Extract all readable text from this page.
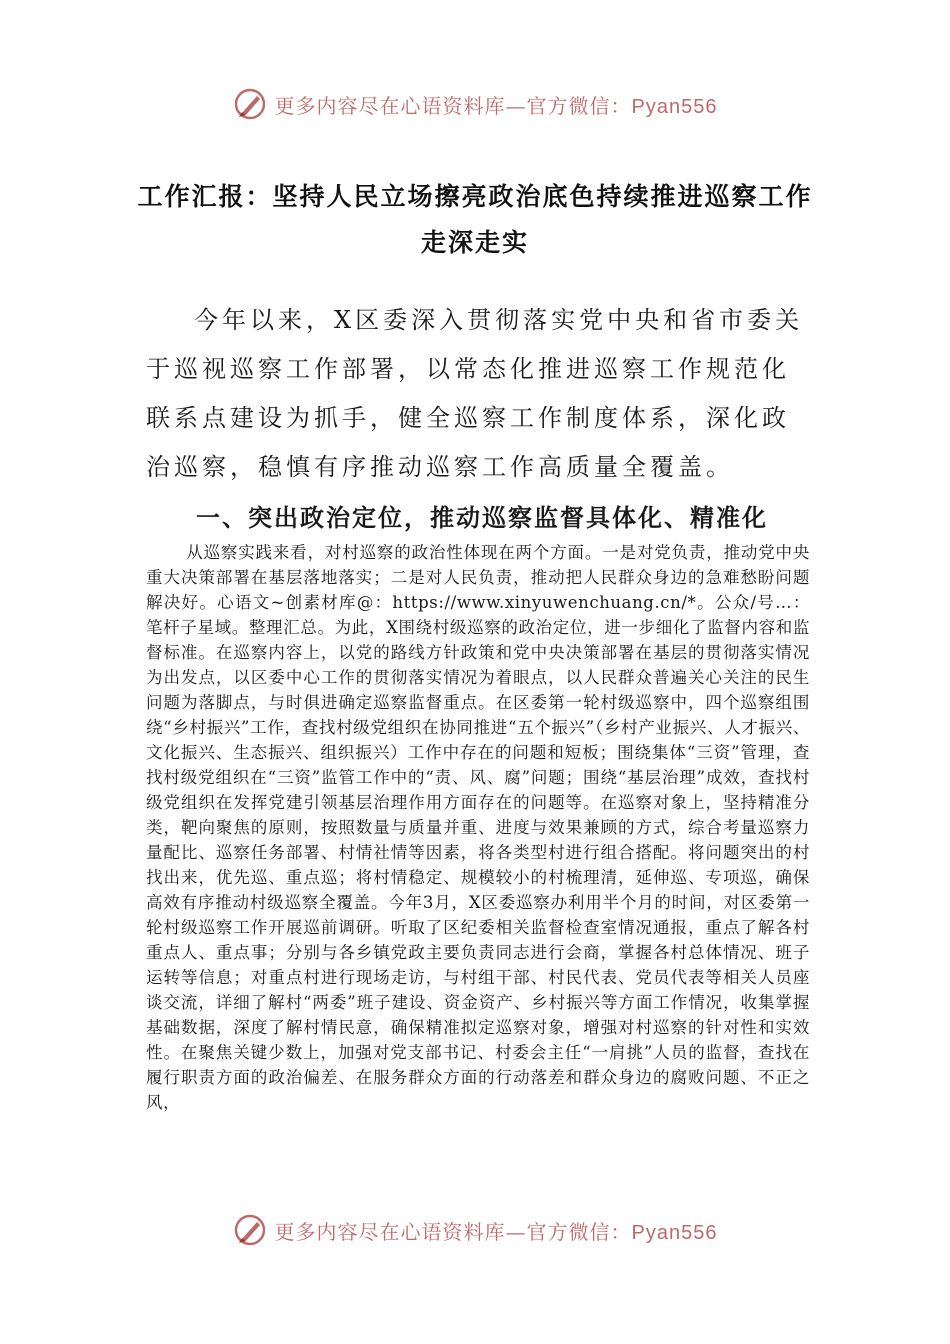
更多内容尽在心语资料库—官方微信：Pyan556
工作汇报：坚持人民立场擦亮政治底色持续推进巡察工作
走深走实

今年以来，X区委深入贯彻落实党中央和省市委关于巡视巡察工作部署，以常态化推进巡察工作规范化联系点建设为抓手，健全巡察工作制度体系，深化政治巡察，稳慎有序推动巡察工作高质量全覆盖。

一、突出政治定位，推动巡察监督具体化、精准化

从巡察实践来看，对村巡察的政治性体现在两个方面。一是对党负责，推动党中央重大决策部署在基层落地落实；二是对人民负责，推动把人民群众身边的急难愁盼问题解决好。心语文~创素材库@：https://www.xinyuwenchuang.cn/*。公众/号…：笔杆子星域。整理汇总。为此，X围绕村级巡察的政治定位，进一步细化了监督内容和监督标准。在巡察内容上，以党的路线方针政策和党中央决策部署在基层的贯彻落实情况为出发点，以区委中心工作的贯彻落实情况为着眼点，以人民群众普遍关心关注的民生问题为落脚点，与时俱进确定巡察监督重点。在区委第一轮村级巡察中，四个巡察组围绕“乡村振兴”工作，查找村级党组织在协同推进“五个振兴”（乡村产业振兴、人才振兴、文化振兴、生态振兴、组织振兴）工作中存在的问题和短板；围绕集体“三资”管理，查找村级党组织在“三资”监管工作中的“责、风、腐”问题；围绕“基层治理”成效，查找村级党组织在发挥党建引领基层治理作用方面存在的问题等。在巡察对象上，坚持精准分类，靶向聚焦的原则，按照数量与质量并重、进度与效果兼顾的方式，综合考量巡察力量配比、巡察任务部署、村情社情等因素，将各类型村进行组合搭配。将问题突出的村找出来，优先巡、重点巡；将村情稳定、规模较小的村梳理清，延伸巡、专项巡，确保高效有序推动村级巡察全覆盖。今年3月，X区委巡察办利用半个月的时间，对区委第一轮村级巡察工作开展巡前调研。听取了区纪委相关监督检查室情况通报，重点了解各村重点人、重点事；分别与各乡镇党政主要负责同志进行会商，掌握各村总体情况、班子运转等信息；对重点村进行现场走访，与村组干部、村民代表、党员代表等相关人员座谈交流，详细了解村“两委”班子建设、资金资产、乡村振兴等方面工作情况，收集掌握基础数据，深度了解村情民意，确保精准拟定巡察对象，增强对村巡察的针对性和实效性。在聚焦关键少数上，加强对党支部书记、村委会主任“一肩挑”人员的监督，查找在履行职责方面的政治偏差、在服务群众方面的行动落差和群众身边的腐败问题、不正之风，

更多内容尽在心语资料库—官方微信：Pyan556
